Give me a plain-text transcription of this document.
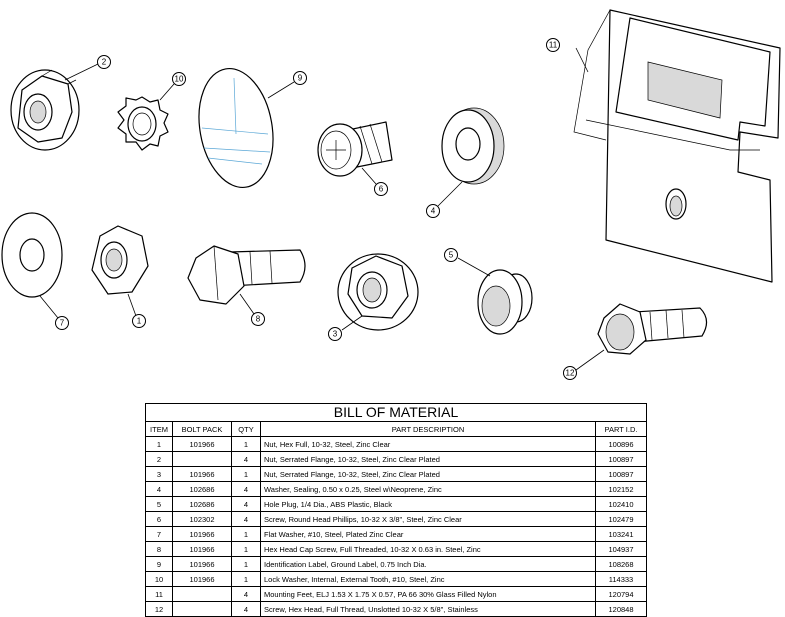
1
2
3
4
5
6
7	8
9
10
11
12
BILL OF MATERIAL				
ITEM	BOLT PACK	QTY	PART DESCRIPTION	PART I.D.
1	101966	1	Nut, Hex Full, 10-32, Steel, Zinc Clear	100896
2		4	Nut, Serrated Flange, 10-32, Steel, Zinc Clear Plated	100897
3	101966	1	Nut, Serrated Flange, 10-32, Steel, Zinc Clear Plated	100897
4	102686	4	Washer, Sealing, 0.50 x 0.25, Steel w\Neoprene, Zinc	102152
5	102686	4	Hole Plug, 1/4 Dia., ABS Plastic, Black	102410
6	102302	4	Screw, Round Head Phillips, 10-32 X 3/8", Steel, Zinc Clear	102479
7	101966	1	Flat Washer, #10, Steel, Plated Zinc Clear	103241
8	101966	1	Hex Head Cap Screw, Full Threaded, 10-32 X 0.63 in. Steel, Zinc	104937
9	101966	1	Identification Label, Ground Label, 0.75 Inch Dia.	108268
10	101966	1	Lock Washer, Internal, External Tooth, #10, Steel, Zinc	114333
11		4	Mounting Feet, ELJ 1.53 X 1.75 X 0.57, PA 66 30% Glass Filled Nylon	120794
12		4	Screw, Hex Head, Full Thread, Unslotted 10-32 X 5/8", Stainless	120848
